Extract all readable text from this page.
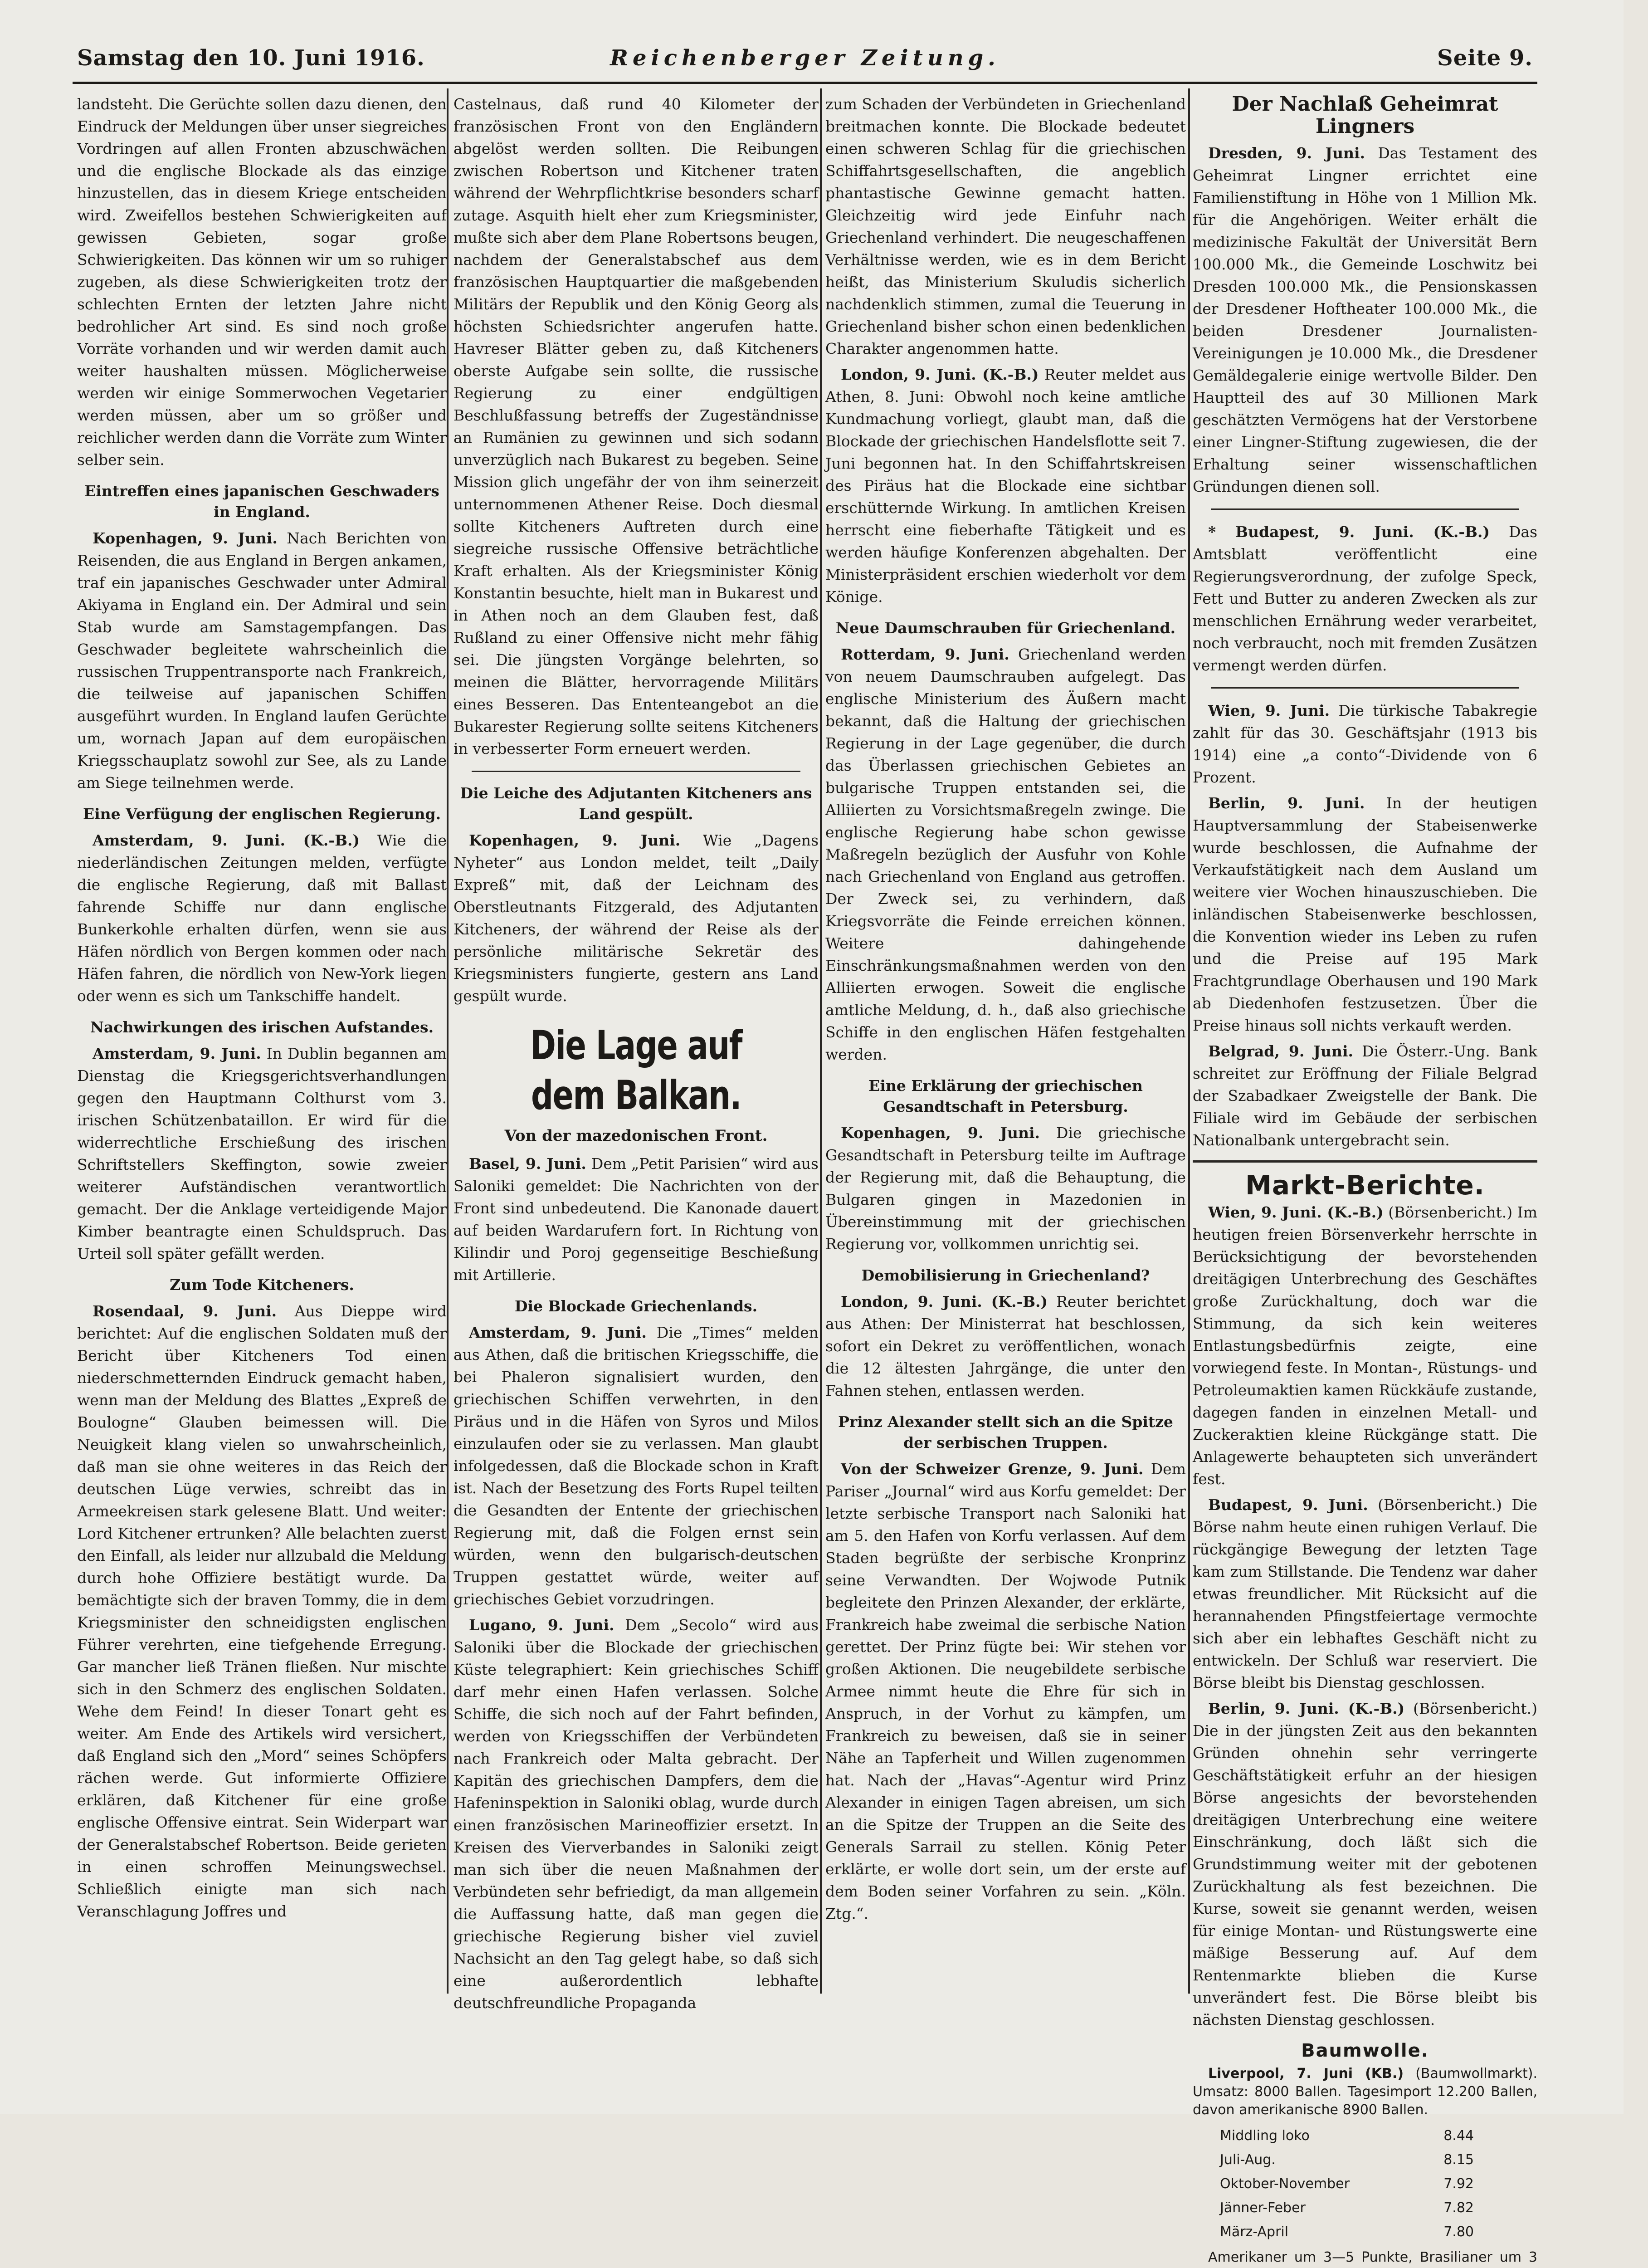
Samstag den 10. Juni 1916.	Reichenberger Zeitung.	Seite 9.

landsteht. Die Gerüchte sollen dazu dienen, den Eindruck der Meldungen über unser siegreiches Vordringen auf allen Fronten abzuschwächen und die englische Blockade als das einzige hinzustellen, das in diesem Kriege entscheiden wird. Zweifellos bestehen Schwierigkeiten auf gewissen Gebieten, sogar große Schwierigkeiten. Das können wir um so ruhiger zugeben, als diese Schwierigkeiten trotz der schlechten Ernten der letzten Jahre nicht bedrohlicher Art sind. Es sind noch große Vorräte vorhanden und wir werden damit auch weiter haushalten müssen. Möglicherweise werden wir einige Sommerwochen Vegetarier werden müssen, aber um so größer und reichlicher werden dann die Vorräte zum Winter selber sein.

Eintreffen eines japanischen Geschwaders in England.

Kopenhagen, 9. Juni. Nach Berichten von Reisenden, die aus England in Bergen ankamen, traf ein japanisches Geschwader unter Admiral Akiyama in England ein. Der Admiral und sein Stab wurde am Samstagempfangen. Das Geschwader begleitete wahrscheinlich die russischen Truppentransporte nach Frankreich, die teilweise auf japanischen Schiffen ausgeführt wurden. In England laufen Gerüchte um, wornach Japan auf dem europäischen Kriegsschauplatz sowohl zur See, als zu Lande am Siege teilnehmen werde.

Eine Verfügung der englischen Regierung.

Amsterdam, 9. Juni. (K.-B.) Wie die niederländischen Zeitungen melden, verfügte die englische Regierung, daß mit Ballast fahrende Schiffe nur dann englische Bunkerkohle erhalten dürfen, wenn sie aus Häfen nördlich von Bergen kommen oder nach Häfen fahren, die nördlich von New-York liegen oder wenn es sich um Tankschiffe handelt.

Nachwirkungen des irischen Aufstandes.

Amsterdam, 9. Juni. In Dublin begannen am Dienstag die Kriegsgerichtsverhandlungen gegen den Hauptmann Colthurst vom 3. irischen Schützenbataillon. Er wird für die widerrechtliche Erschießung des irischen Schriftstellers Skeffington, sowie zweier weiterer Aufständischen verantwortlich gemacht. Der die Anklage verteidigende Major Kimber beantragte einen Schuldspruch. Das Urteil soll später gefällt werden.

Zum Tode Kitcheners.

Rosendaal, 9. Juni. Aus Dieppe wird berichtet: Auf die englischen Soldaten muß der Bericht über Kitcheners Tod einen niederschmetternden Eindruck gemacht haben, wenn man der Meldung des Blattes „Expreß de Boulogne“ Glauben beimessen will. Die Neuigkeit klang vielen so unwahrscheinlich, daß man sie ohne weiteres in das Reich der deutschen Lüge verwies, schreibt das in Armeekreisen stark gelesene Blatt. Und weiter: Lord Kitchener ertrunken? Alle belachten zuerst den Einfall, als leider nur allzubald die Meldung durch hohe Offiziere bestätigt wurde. Da bemächtigte sich der braven Tommy, die in dem Kriegsminister den schneidigsten englischen Führer verehrten, eine tiefgehende Erregung. Gar mancher ließ Tränen fließen. Nur mischte sich in den Schmerz des englischen Soldaten. Wehe dem Feind! In dieser Tonart geht es weiter. Am Ende des Artikels wird versichert, daß England sich den „Mord“ seines Schöpfers rächen werde. Gut informierte Offiziere erklären, daß Kitchener für eine große englische Offensive eintrat. Sein Widerpart war der Generalstabschef Robertson. Beide gerieten in einen schroffen Meinungswechsel. Schließlich einigte man sich nach Veranschlagung Joffres und

Castelnaus, daß rund 40 Kilometer der französischen Front von den Engländern abgelöst werden sollten. Die Reibungen zwischen Robertson und Kitchener traten während der Wehrpflichtkrise besonders scharf zutage. Asquith hielt eher zum Kriegsminister, mußte sich aber dem Plane Robertsons beugen, nachdem der Generalstabschef aus dem französischen Hauptquartier die maßgebenden Militärs der Republik und den König Georg als höchsten Schiedsrichter angerufen hatte. Havreser Blätter geben zu, daß Kitcheners oberste Aufgabe sein sollte, die russische Regierung zu einer endgültigen Beschlußfassung betreffs der Zugeständnisse an Rumänien zu gewinnen und sich sodann unverzüglich nach Bukarest zu begeben. Seine Mission glich ungefähr der von ihm seinerzeit unternommenen Athener Reise. Doch diesmal sollte Kitcheners Auftreten durch eine siegreiche russische Offensive beträchtliche Kraft erhalten. Als der Kriegsminister König Konstantin besuchte, hielt man in Bukarest und in Athen noch an dem Glauben fest, daß Rußland zu einer Offensive nicht mehr fähig sei. Die jüngsten Vorgänge belehrten, so meinen die Blätter, hervorragende Militärs eines Besseren. Das Ententeangebot an die Bukarester Regierung sollte seitens Kitcheners in verbesserter Form erneuert werden.

Die Leiche des Adjutanten Kitcheners ans Land gespült.

Kopenhagen, 9. Juni. Wie „Dagens Nyheter“ aus London meldet, teilt „Daily Expreß“ mit, daß der Leichnam des Oberstleutnants Fitzgerald, des Adjutanten Kitcheners, der während der Reise als der persönliche militärische Sekretär des Kriegsministers fungierte, gestern ans Land gespült wurde.

Die Lage auf dem Balkan.
Von der mazedonischen Front.

Basel, 9. Juni. Dem „Petit Parisien“ wird aus Saloniki gemeldet: Die Nachrichten von der Front sind unbedeutend. Die Kanonade dauert auf beiden Wardarufern fort. In Richtung von Kilindir und Poroj gegenseitige Beschießung mit Artillerie.

Die Blockade Griechenlands.

Amsterdam, 9. Juni. Die „Times“ melden aus Athen, daß die britischen Kriegsschiffe, die bei Phaleron signalisiert wurden, den griechischen Schiffen verwehrten, in den Piräus und in die Häfen von Syros und Milos einzulaufen oder sie zu verlassen. Man glaubt infolgedessen, daß die Blockade schon in Kraft ist. Nach der Besetzung des Forts Rupel teilten die Gesandten der Entente der griechischen Regierung mit, daß die Folgen ernst sein würden, wenn den bulgarisch-deutschen Truppen gestattet würde, weiter auf griechisches Gebiet vorzudringen.

Lugano, 9. Juni. Dem „Secolo“ wird aus Saloniki über die Blockade der griechischen Küste telegraphiert: Kein griechisches Schiff darf mehr einen Hafen verlassen. Solche Schiffe, die sich noch auf der Fahrt befinden, werden von Kriegsschiffen der Verbündeten nach Frankreich oder Malta gebracht. Der Kapitän des griechischen Dampfers, dem die Hafeninspektion in Saloniki oblag, wurde durch einen französischen Marineoffizier ersetzt. In Kreisen des Vierverbandes in Saloniki zeigt man sich über die neuen Maßnahmen der Verbündeten sehr befriedigt, da man allgemein die Auffassung hatte, daß man gegen die griechische Regierung bisher viel zuviel Nachsicht an den Tag gelegt habe, so daß sich eine außerordentlich lebhafte deutschfreundliche Propaganda

zum Schaden der Verbündeten in Griechenland breitmachen konnte. Die Blockade bedeutet einen schweren Schlag für die griechischen Schiffahrtsgesellschaften, die angeblich phantastische Gewinne gemacht hatten. Gleichzeitig wird jede Einfuhr nach Griechenland verhindert. Die neugeschaffenen Verhältnisse werden, wie es in dem Bericht heißt, das Ministerium Skuludis sicherlich nachdenklich stimmen, zumal die Teuerung in Griechenland bisher schon einen bedenklichen Charakter angenommen hatte.

London, 9. Juni. (K.-B.) Reuter meldet aus Athen, 8. Juni: Obwohl noch keine amtliche Kundmachung vorliegt, glaubt man, daß die Blockade der griechischen Handelsflotte seit 7. Juni begonnen hat. In den Schiffahrtskreisen des Piräus hat die Blockade eine sichtbar erschütternde Wirkung. In amtlichen Kreisen herrscht eine fieberhafte Tätigkeit und es werden häufige Konferenzen abgehalten. Der Ministerpräsident erschien wiederholt vor dem Könige.

Neue Daumschrauben für Griechenland.

Rotterdam, 9. Juni. Griechenland werden von neuem Daumschrauben aufgelegt. Das englische Ministerium des Äußern macht bekannt, daß die Haltung der griechischen Regierung in der Lage gegenüber, die durch das Überlassen griechischen Gebietes an bulgarische Truppen entstanden sei, die Alliierten zu Vorsichtsmaßregeln zwinge. Die englische Regierung habe schon gewisse Maßregeln bezüglich der Ausfuhr von Kohle nach Griechenland von England aus getroffen. Der Zweck sei, zu verhindern, daß Kriegsvorräte die Feinde erreichen können. Weitere dahingehende Einschränkungsmaßnahmen werden von den Alliierten erwogen. Soweit die englische amtliche Meldung, d. h., daß also griechische Schiffe in den englischen Häfen festgehalten werden.

Eine Erklärung der griechischen Gesandtschaft in Petersburg.

Kopenhagen, 9. Juni. Die griechische Gesandtschaft in Petersburg teilte im Auftrage der Regierung mit, daß die Behauptung, die Bulgaren gingen in Mazedonien in Übereinstimmung mit der griechischen Regierung vor, vollkommen unrichtig sei.

Demobilisierung in Griechenland?

London, 9. Juni. (K.-B.) Reuter berichtet aus Athen: Der Ministerrat hat beschlossen, sofort ein Dekret zu veröffentlichen, wonach die 12 ältesten Jahrgänge, die unter den Fahnen stehen, entlassen werden.

Prinz Alexander stellt sich an die Spitze der serbischen Truppen.

Von der Schweizer Grenze, 9. Juni. Dem Pariser „Journal“ wird aus Korfu gemeldet: Der letzte serbische Transport nach Saloniki hat am 5. den Hafen von Korfu verlassen. Auf dem Staden begrüßte der serbische Kronprinz seine Verwandten. Der Wojwode Putnik begleitete den Prinzen Alexander, der erklärte, Frankreich habe zweimal die serbische Nation gerettet. Der Prinz fügte bei: Wir stehen vor großen Aktionen. Die neugebildete serbische Armee nimmt heute die Ehre für sich in Anspruch, in der Vorhut zu kämpfen, um Frankreich zu beweisen, daß sie in seiner Nähe an Tapferheit und Willen zugenommen hat. Nach der „Havas“-Agentur wird Prinz Alexander in einigen Tagen abreisen, um sich an die Spitze der Truppen an die Seite des Generals Sarrail zu stellen. König Peter erklärte, er wolle dort sein, um der erste auf dem Boden seiner Vorfahren zu sein. „Köln. Ztg.“.

Der Nachlaß Geheimrat Lingners

Dresden, 9. Juni. Das Testament des Geheimrat Lingner errichtet eine Familienstiftung in Höhe von 1 Million Mk. für die Angehörigen. Weiter erhält die medizinische Fakultät der Universität Bern 100.000 Mk., die Gemeinde Loschwitz bei Dresden 100.000 Mk., die Pensionskassen der Dresdener Hoftheater 100.000 Mk., die beiden Dresdener Journalisten-Vereinigungen je 10.000 Mk., die Dresdener Gemäldegalerie einige wertvolle Bilder. Den Hauptteil des auf 30 Millionen Mark geschätzten Vermögens hat der Verstorbene einer Lingner-Stiftung zugewiesen, die der Erhaltung seiner wissenschaftlichen Gründungen dienen soll.

* Budapest, 9. Juni. (K.-B.) Das Amtsblatt veröffentlicht eine Regierungsverordnung, der zufolge Speck, Fett und Butter zu anderen Zwecken als zur menschlichen Ernährung weder verarbeitet, noch verbraucht, noch mit fremden Zusätzen vermengt werden dürfen.

Wien, 9. Juni. Die türkische Tabakregie zahlt für das 30. Geschäftsjahr (1913 bis 1914) eine „a conto“-Dividende von 6 Prozent.

Berlin, 9. Juni. In der heutigen Hauptversammlung der Stabeisenwerke wurde beschlossen, die Aufnahme der Verkaufstätigkeit nach dem Ausland um weitere vier Wochen hinauszuschieben. Die inländischen Stabeisenwerke beschlossen, die Konvention wieder ins Leben zu rufen und die Preise auf 195 Mark Frachtgrundlage Oberhausen und 190 Mark ab Diedenhofen festzusetzen. Über die Preise hinaus soll nichts verkauft werden.

Belgrad, 9. Juni. Die Österr.-Ung. Bank schreitet zur Eröffnung der Filiale Belgrad der Szabadkaer Zweigstelle der Bank. Die Filiale wird im Gebäude der serbischen Nationalbank untergebracht sein.

Markt-Berichte.

Wien, 9. Juni. (K.-B.) (Börsenbericht.) Im heutigen freien Börsenverkehr herrschte in Berücksichtigung der bevorstehenden dreitägigen Unterbrechung des Geschäftes große Zurückhaltung, doch war die Stimmung, da sich kein weiteres Entlastungsbedürfnis zeigte, eine vorwiegend feste. In Montan-, Rüstungs- und Petroleumaktien kamen Rückkäufe zustande, dagegen fanden in einzelnen Metall- und Zuckeraktien kleine Rückgänge statt. Die Anlagewerte behaupteten sich unverändert fest.

Budapest, 9. Juni. (Börsenbericht.) Die Börse nahm heute einen ruhigen Verlauf. Die rückgängige Bewegung der letzten Tage kam zum Stillstande. Die Tendenz war daher etwas freundlicher. Mit Rücksicht auf die herannahenden Pfingstfeiertage vermochte sich aber ein lebhaftes Geschäft nicht zu entwickeln. Der Schluß war reserviert. Die Börse bleibt bis Dienstag geschlossen.

Berlin, 9. Juni. (K.-B.) (Börsenbericht.) Die in der jüngsten Zeit aus den bekannten Gründen ohnehin sehr verringerte Geschäftstätigkeit erfuhr an der hiesigen Börse angesichts der bevorstehenden dreitägigen Unterbrechung eine weitere Einschränkung, doch läßt sich die Grundstimmung weiter mit der gebotenen Zurückhaltung als fest bezeichnen. Die Kurse, soweit sie genannt werden, weisen für einige Montan- und Rüstungswerte eine mäßige Besserung auf. Auf dem Rentenmarkte blieben die Kurse unverändert fest. Die Börse bleibt bis nächsten Dienstag geschlossen.

Baumwolle.

Liverpool, 7. Juni (KB.) (Baumwollmarkt). Umsatz: 8000 Ballen. Tagesimport 12.200 Ballen, davon amerikanische 8900 Ballen.

Middling loko	8.44
Juli-Aug.	8.15
Oktober-November	7.92
Jänner-Feber	7.82
März-April	7.80

Amerikaner um 3—5 Punkte, Brasilianer um 3
